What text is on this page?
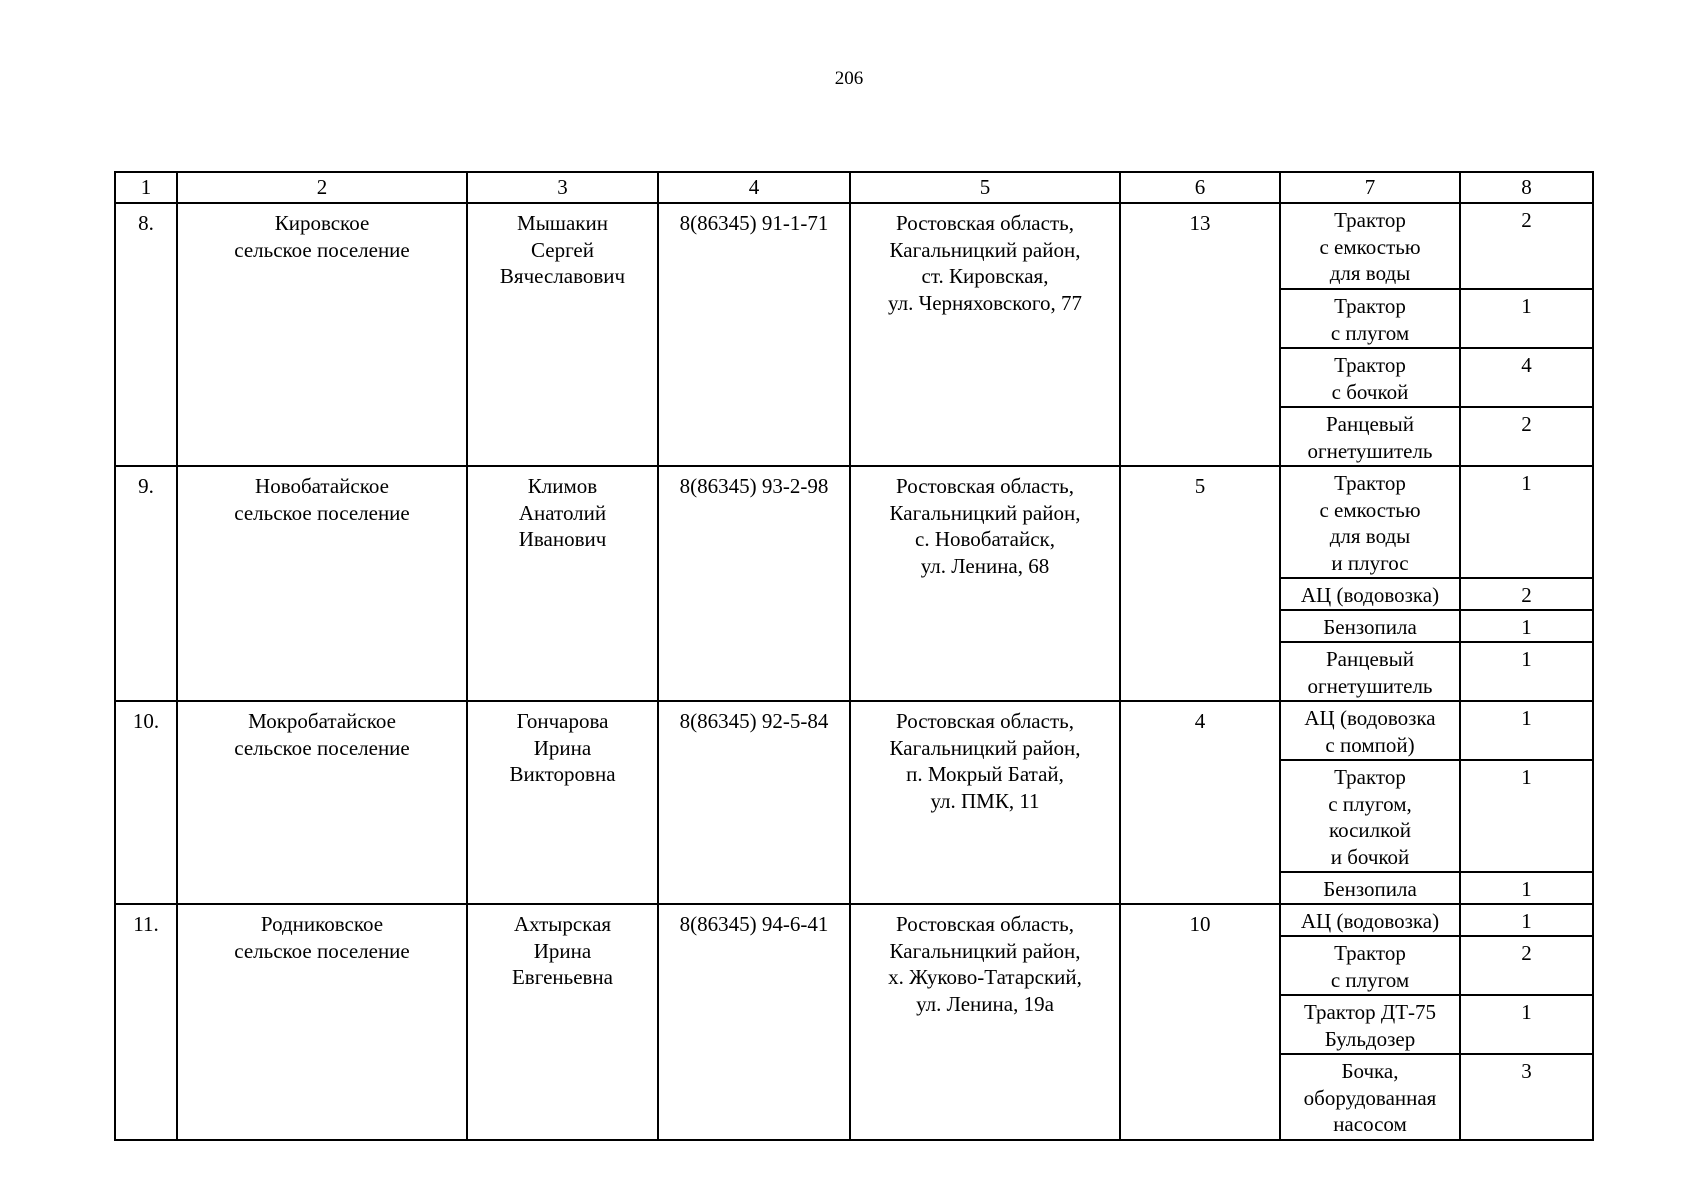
206
1	2	3	4	5	6	7	8
8.	Кировское
сельское поселение	Мышакин
Сергей
Вячеславович	8(86345) 91-1-71	Ростовская область,
Кагальницкий район,
ст. Кировская,
ул. Черняховского, 77	13	Трактор
с емкостью
для воды	2
						Трактор
с плугом	1
						Трактор
с бочкой	4
						Ранцевый
огнетушитель	2
9.	Новобатайское
сельское поселение	Климов
Анатолий
Иванович	8(86345) 93-2-98	Ростовская область,
Кагальницкий район,
с. Новобатайск,
ул. Ленина, 68	5	Трактор
с емкостью
для воды
и плугос	1
						АЦ (водовозка)	2
						Бензопила	1
						Ранцевый
огнетушитель	1
10.	Мокробатайское
сельское поселение	Гончарова
Ирина
Викторовна	8(86345) 92-5-84	Ростовская область,
Кагальницкий район,
п. Мокрый Батай,
ул. ПМК, 11	4	АЦ (водовозка
с помпой)	1
						Трактор
с плугом,
косилкой
и бочкой	1
						Бензопила	1
11.	Родниковское
сельское поселение	Ахтырская
Ирина
Евгеньевна	8(86345) 94-6-41	Ростовская область,
Кагальницкий район,
х. Жуково-Татарский,
ул. Ленина, 19а	10	АЦ (водовозка)	1
						Трактор
с плугом	2
						Трактор ДТ-75
Бульдозер	1
						Бочка,
оборудованная
насосом	3
